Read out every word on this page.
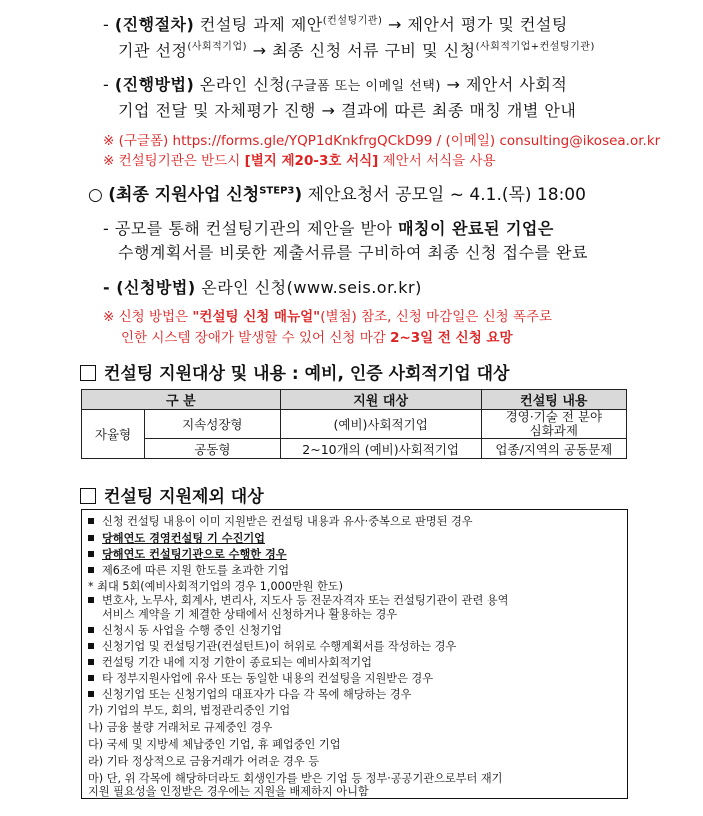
- (진행절차) 컨설팅 과제 제안$^{(컨설팅기관)}$ → 제안서 평가 및 컨설팅
기관 선정$^{(사회적기업)}$ → 최종 신청 서류 구비 및 신청$^{(사회적기업+컨설팅기관)}$
- (진행방법) 온라인 신청(구글폼 또는 이메일 선택) → 제안서 사회적
기업 전달 및 자체평가 진행 → 결과에 따른 최종 매칭 개별 안내
※ (구글폼) https://forms.gle/YQP1dKnkfrgQCkD99 / (이메일) consulting@ikosea.or.kr
※ 컨설팅기관은 반드시 [별지 제20-3호 서식] 제안서 서식을 사용
○ (최종 지원사업 신청$^{STEP3}$) 제안요청서 공모일 ~ 4.1.(목) 18:00
- 공모를 통해 컨설팅기관의 제안을 받아 매칭이 완료된 기업은
수행계획서를 비롯한 제출서류를 구비하여 최종 신청 접수를 완료
- (신청방법) 온라인 신청(www.seis.or.kr)
※ 신청 방법은 "컨설팅 신청 매뉴얼"(별첨) 참조, 신청 마감일은 신청 폭주로
인한 시스템 장애가 발생할 수 있어 신청 마감 2~3일 전 신청 요망
컨설팅 지원대상 및 내용 : 예비, 인증 사회적기업 대상
구 분		지원 대상	컨설팅 내용
자율형	지속성장형	(예비)사회적기업	경영·기술 전 분야
심화과제

	공동형	2~10개의 (예비)사회적기업	업종/지역의 공동문제
컨설팅 지원제외 대상
신청 컨설팅 내용이 이미 지원받은 컨설팅 내용과 유사·중복으로 판명된 경우
당해연도 경영컨설팅 기 수진기업
당해연도 컨설팅기관으로 수행한 경우
제6조에 따른 지원 한도를 초과한 기업
* 최대 5회(예비사회적기업의 경우 1,000만원 한도)
변호사, 노무사, 회계사, 변리사, 지도사 등 전문자격자 또는 컨설팅기관이 관련 용역
서비스 계약을 기 체결한 상태에서 신청하거나 활용하는 경우
신청시 동 사업을 수행 중인 신청기업
신청기업 및 컨설팅기관(컨설턴트)이 허위로 수행계획서를 작성하는 경우
컨설팅 기간 내에 지정 기한이 종료되는 예비사회적기업
타 정부지원사업에 유사 또는 동일한 내용의 컨설팅을 지원받은 경우
신청기업 또는 신청기업의 대표자가 다음 각 목에 해당하는 경우
가) 기업의 부도, 회의, 법정관리중인 기업
나) 금융 불량 거래처로 규제중인 경우
다) 국세 및 지방세 체납중인 기업, 휴 폐업중인 기업
라) 기타 정상적으로 금융거래가 어려운 경우 등
마) 단, 위 각목에 해당하더라도 회생인가를 받은 기업 등 정부·공공기관으로부터 재기
지원 필요성을 인정받은 경우에는 지원을 배제하지 아니함
